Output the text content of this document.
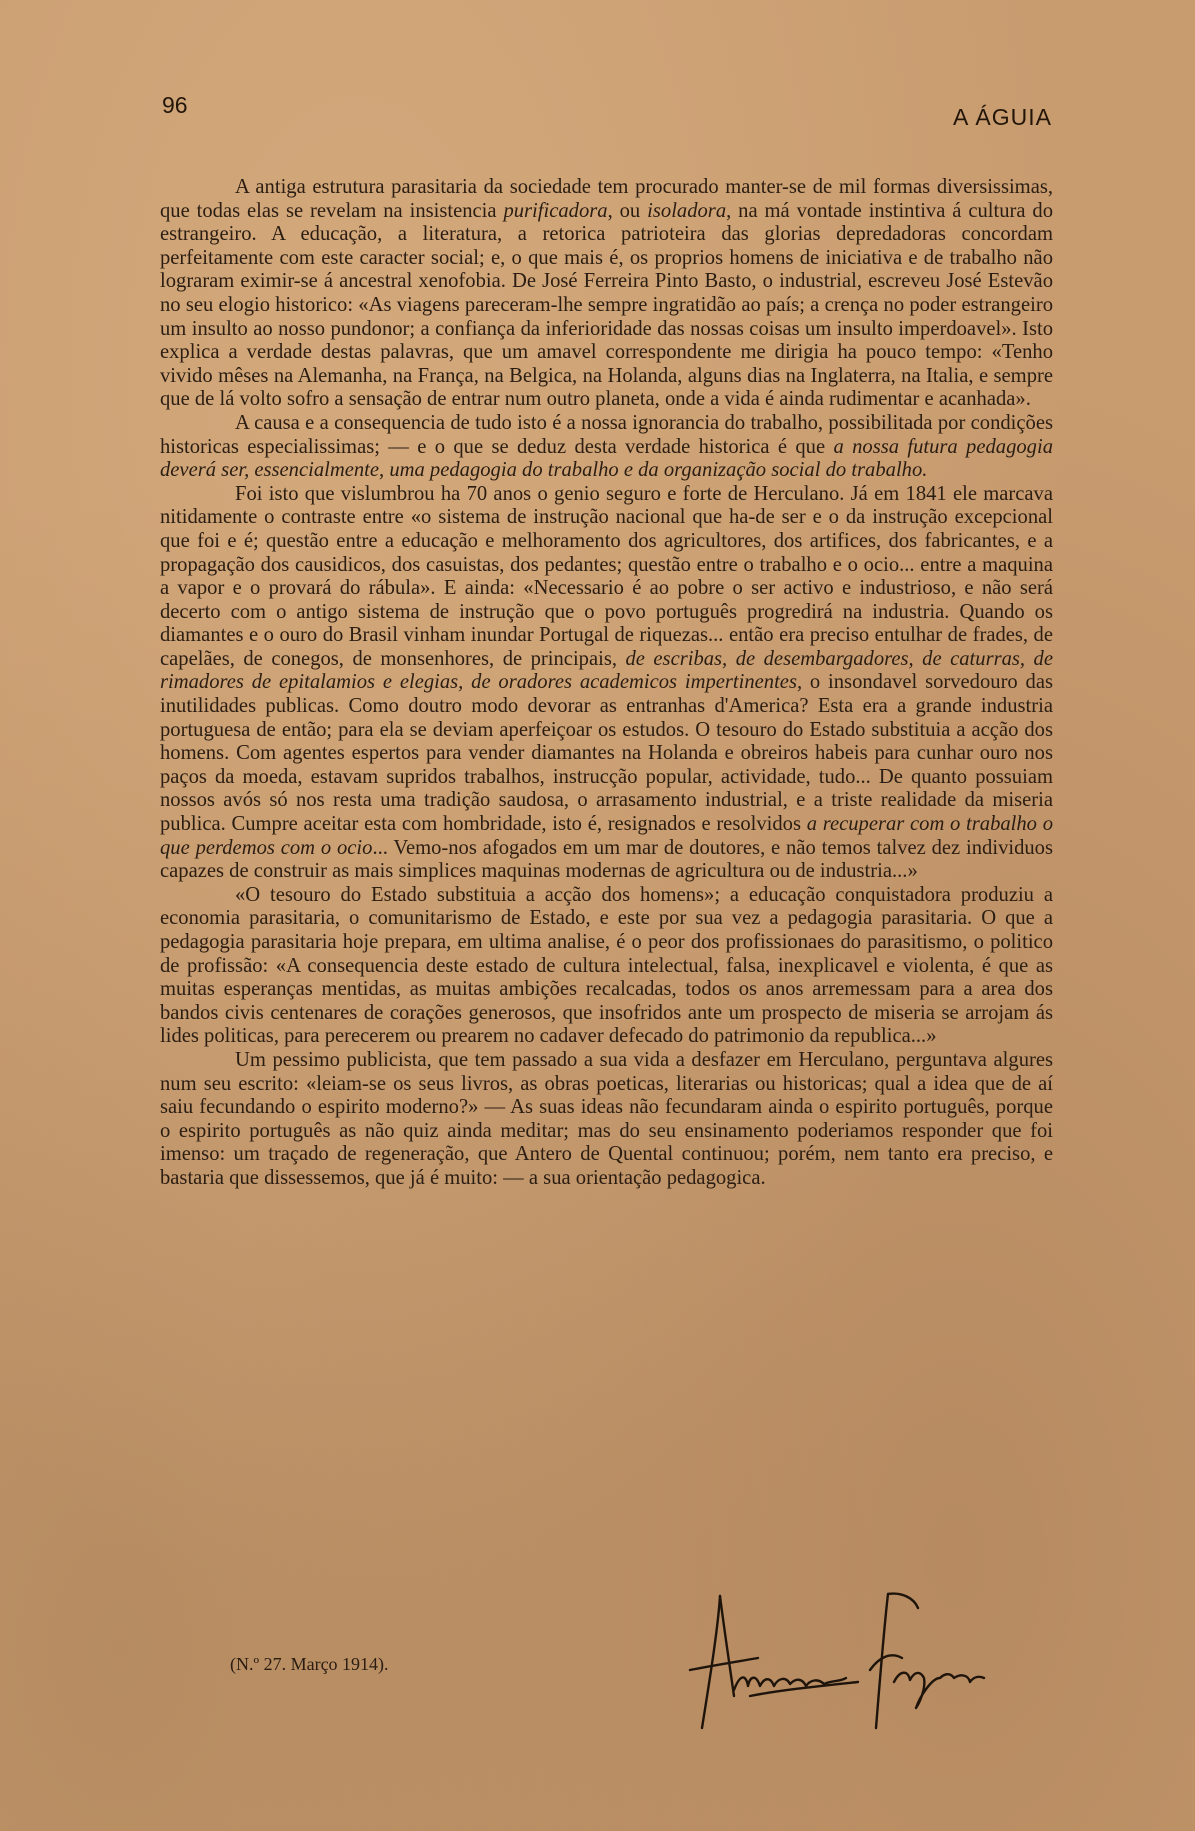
96	A ÁGUIA

A antiga estrutura parasitaria da sociedade tem procurado manter-se de mil formas diversissimas, que todas elas se revelam na insistencia purificadora, ou isoladora, na má vontade instintiva á cultura do estrangeiro. A educação, a literatura, a retorica patrioteira das glorias depredadoras concordam perfeitamente com este caracter social; e, o que mais é, os proprios homens de iniciativa e de trabalho não lograram eximir-se á ancestral xenofobia. De José Ferreira Pinto Basto, o industrial, escreveu José Estevão no seu elogio historico: «As viagens pareceram-lhe sempre ingratidão ao país; a crença no poder estrangeiro um insulto ao nosso pundonor; a confiança da inferioridade das nossas coisas um insulto imperdoavel». Isto explica a verdade destas palavras, que um amavel correspondente me dirigia ha pouco tempo: «Tenho vivido mêses na Alemanha, na França, na Belgica, na Holanda, alguns dias na Inglaterra, na Italia, e sempre que de lá volto sofro a sensação de entrar num outro planeta, onde a vida é ainda rudimentar e acanhada».

A causa e a consequencia de tudo isto é a nossa ignorancia do trabalho, possibilitada por condições historicas especialissimas; — e o que se deduz desta verdade historica é que a nossa futura pedagogia deverá ser, essencialmente, uma pedagogia do trabalho e da organização social do trabalho.

Foi isto que vislumbrou ha 70 anos o genio seguro e forte de Herculano. Já em 1841 ele marcava nitidamente o contraste entre «o sistema de instrução nacional que ha-de ser e o da instrução excepcional que foi e é; questão entre a educação e melhoramento dos agricultores, dos artifices, dos fabricantes, e a propagação dos causidicos, dos casuistas, dos pedantes; questão entre o trabalho e o ocio... entre a maquina a vapor e o provará do rábula». E ainda: «Necessario é ao pobre o ser activo e industrioso, e não será decerto com o antigo sistema de instrução que o povo português progredirá na industria. Quando os diamantes e o ouro do Brasil vinham inundar Portugal de riquezas... então era preciso entulhar de frades, de capelães, de conegos, de monsenhores, de principais, de escribas, de desembargadores, de caturras, de rimadores de epitalamios e elegias, de oradores academicos impertinentes, o insondavel sorvedouro das inutilidades publicas. Como doutro modo devorar as entranhas d'America? Esta era a grande industria portuguesa de então; para ela se deviam aperfeiçoar os estudos. O tesouro do Estado substituia a acção dos homens. Com agentes espertos para vender diamantes na Holanda e obreiros habeis para cunhar ouro nos paços da moeda, estavam supridos trabalhos, instrucção popular, actividade, tudo... De quanto possuiam nossos avós só nos resta uma tradição saudosa, o arrasamento industrial, e a triste realidade da miseria publica. Cumpre aceitar esta com hombridade, isto é, resignados e resolvidos a recuperar com o trabalho o que perdemos com o ocio... Vemo-nos afogados em um mar de doutores, e não temos talvez dez individuos capazes de construir as mais simplices maquinas modernas de agricultura ou de industria...»

«O tesouro do Estado substituia a acção dos homens»; a educação conquistadora produziu a economia parasitaria, o comunitarismo de Estado, e este por sua vez a pedagogia parasitaria. O que a pedagogia parasitaria hoje prepara, em ultima analise, é o peor dos profissionaes do parasitismo, o politico de profissão: «A consequencia deste estado de cultura intelectual, falsa, inexplicavel e violenta, é que as muitas esperanças mentidas, as muitas ambições recalcadas, todos os anos arremessam para a area dos bandos civis centenares de corações generosos, que insofridos ante um prospecto de miseria se arrojam ás lides politicas, para perecerem ou prearem no cadaver defecado do patrimonio da republica...»

Um pessimo publicista, que tem passado a sua vida a desfazer em Herculano, perguntava algures num seu escrito: «leiam-se os seus livros, as obras poeticas, literarias ou historicas; qual a idea que de aí saiu fecundando o espirito moderno?» — As suas ideas não fecundaram ainda o espirito português, porque o espirito português as não quiz ainda meditar; mas do seu ensinamento poderiamos responder que foi imenso: um traçado de regeneração, que Antero de Quental continuou; porém, nem tanto era preciso, e bastaria que dissessemos, que já é muito: — a sua orientação pedagogica.

(N.º 27. Março 1914).
